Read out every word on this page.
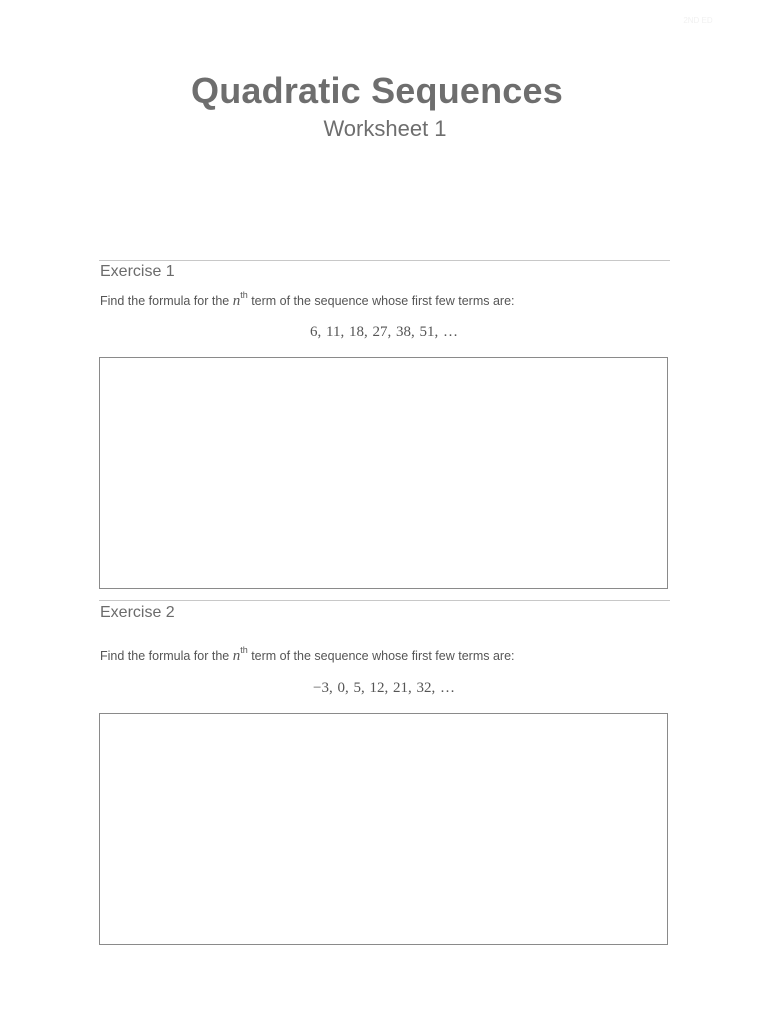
2ND ED
Quadratic Sequences
Worksheet 1
Exercise 1
Find the formula for the $n^{th}$ term of the sequence whose first few terms are:
6, 11, 18, 27, 38, 51, …
Exercise 2
Find the formula for the $n^{th}$ term of the sequence whose first few terms are:
−3, 0, 5, 12, 21, 32, …
